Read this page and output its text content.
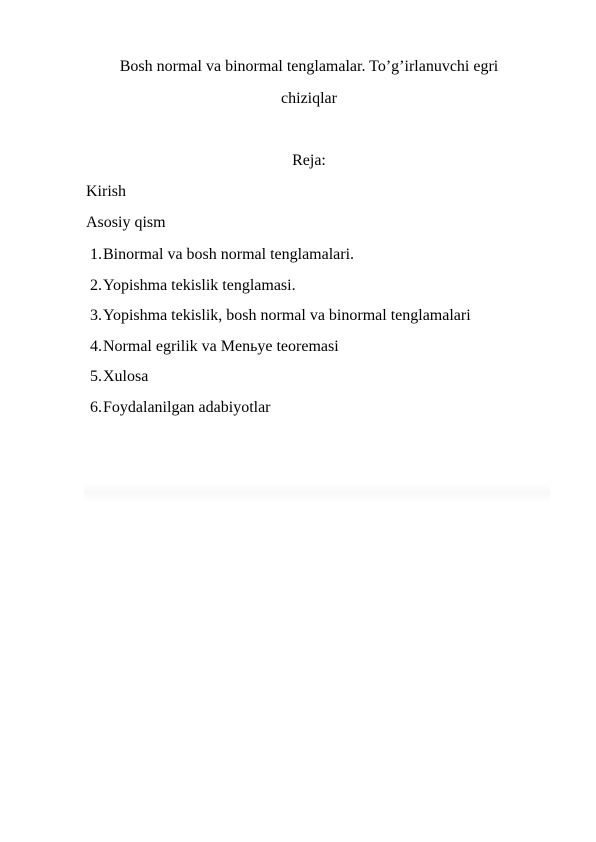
Bosh normal va binormal tenglamalar. To’g’irlanuvchi egri
chiziqlar
Reja:
Kirish
Asosiy qism
1. Binormal va bosh normal tenglamalari.
2. Yopishma tekislik tenglamasi.
3. Yopishma tekislik, bosh normal va binormal tenglamalari
4. Normal egrilik va Menьye teoremasi
5. Xulosa
6. Foydalanilgan adabiyotlar
